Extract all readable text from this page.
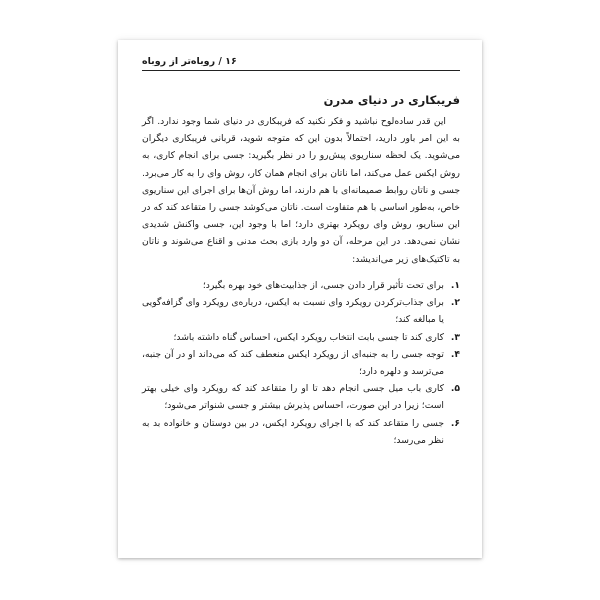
۱۶ / روباه‌تر از روباه
فریبکاری در دنیای مدرن

این قدر ساده‌لوح نباشید و فکر نکنید که فریبکاری در دنیای شما وجود ندارد. اگر به این امر باور دارید، احتمالاً بدون این که متوجه شوید، قربانی فریبکاری دیگران می‌شوید. یک لحظه سناریوی پیش‌رو را در نظر بگیرید: جسی برای انجام کاری، به روش ایکس عمل می‌کند، اما ناتان برای انجام همان کار، روش وای را به کار می‌برد. جسی و ناتان روابط صمیمانه‌ای با هم دارند، اما روش آن‌ها برای اجرای این سناریوی خاص، به‌طور اساسی با هم متفاوت است. ناتان می‌کوشد جسی را متقاعد کند که در این سناریو، روش وای رویکرد بهتری دارد؛ اما با وجود این، جسی واکنش شدیدی نشان نمی‌دهد. در این مرحله، آن دو وارد بازی بحث مدنی و اقناع می‌شوند و ناتان به تاکتیک‌های زیر می‌اندیشد:

۱.
برای تحت تأثیر قرار دادن جسی، از جذابیت‌های خود بهره بگیرد؛
۲.
برای جذاب‌ترکردن رویکرد وای نسبت به ایکس، درباره‌ی رویکرد وای گزافه‌گویی یا مبالغه کند؛
۳.
کاری کند تا جسی بابت انتخاب رویکرد ایکس، احساس گناه داشته باشد؛
۴.
توجه جسی را به جنبه‌ای از رویکرد ایکس منعطف کند که می‌داند او در آن جنبه، می‌ترسد و دلهره دارد؛
۵.
کاری باب میل جسی انجام دهد تا او را متقاعد کند که رویکرد وای خیلی بهتر است؛ زیرا در این صورت، احساس پذیرش بیشتر و جسی شنواتر می‌شود؛
۶.
جسی را متقاعد کند که با اجرای رویکرد ایکس، در بین دوستان و خانواده بد به نظر می‌رسد؛
